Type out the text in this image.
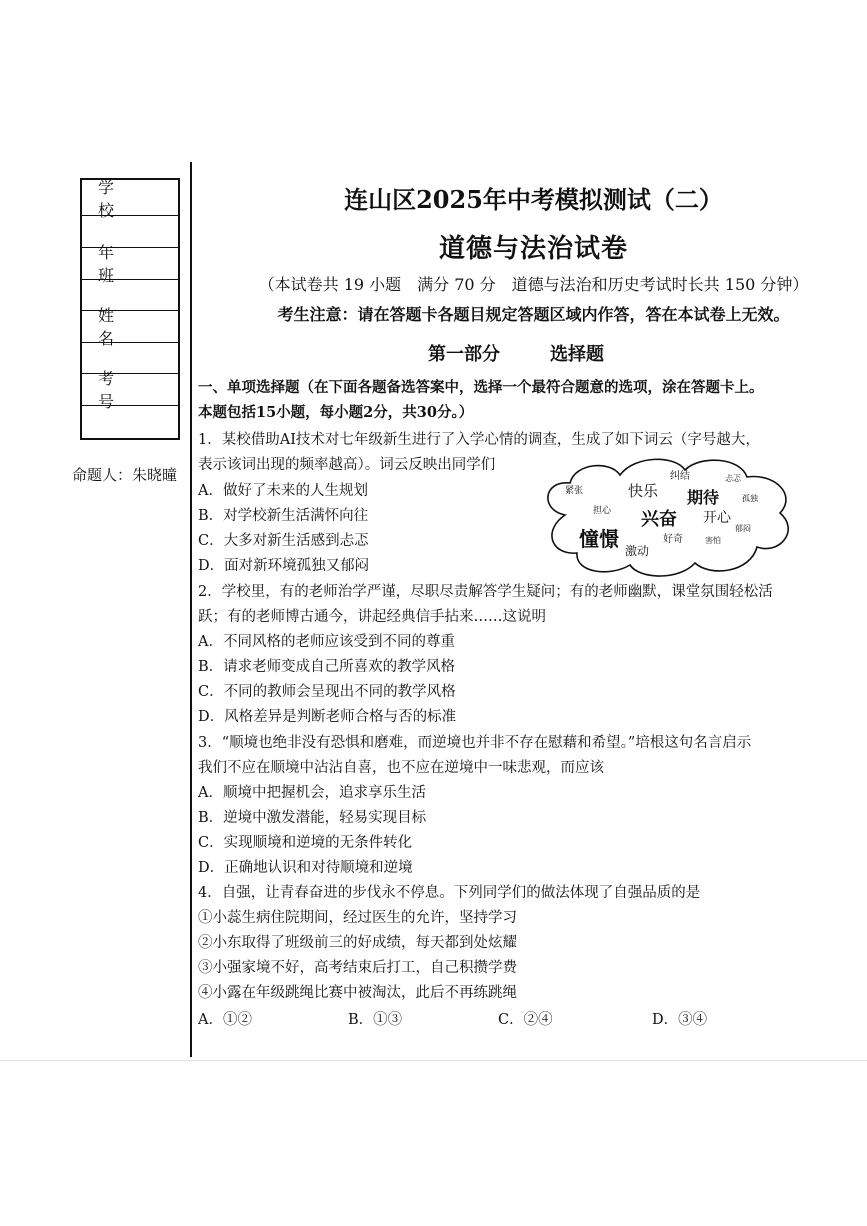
学 校
年 班
姓 名
考 号
命题人：朱晓曈
连山区2025年中考模拟测试（二）
道德与法治试卷
（本试卷共 19 小题　满分 70 分　道德与法治和历史考试时长共 150 分钟）
考生注意：请在答题卡各题目规定答题区域内作答，答在本试卷上无效。
第一部分	选择题
一、单项选择题（在下面各题备选答案中，选择一个最符合题意的选项，涂在答题卡上。
本题包括15小题，每小题2分，共30分。）
1．某校借助AI技术对七年级新生进行了入学心情的调查，生成了如下词云（字号越大，
表示该词出现的频率越高）。词云反映出同学们
A．做好了未来的人生规划
B．对学校新生活满怀向往
C．大多对新生活感到忐忑
D．面对新环境孤独又郁闷
紧张	快乐
纠结
期待
忐忑
孤独
担心 兴奋 开心
憧憬	好奇	害怕
激动
郁闷
2．学校里，有的老师治学严谨，尽职尽责解答学生疑问；有的老师幽默，课堂氛围轻松活
跃；有的老师博古通今，讲起经典信手拈来……这说明
A．不同风格的老师应该受到不同的尊重
B．请求老师变成自己所喜欢的教学风格
C．不同的教师会呈现出不同的教学风格
D．风格差异是判断老师合格与否的标准
3．“顺境也绝非没有恐惧和磨难，而逆境也并非不存在慰藉和希望。”培根这句名言启示
我们不应在顺境中沾沾自喜，也不应在逆境中一味悲观，而应该
A．顺境中把握机会，追求享乐生活
B．逆境中激发潜能，轻易实现目标
C．实现顺境和逆境的无条件转化
D．正确地认识和对待顺境和逆境
4．自强，让青春奋进的步伐永不停息。下列同学们的做法体现了自强品质的是
①小蕊生病住院期间，经过医生的允许，坚持学习
②小东取得了班级前三的好成绩，每天都到处炫耀
③小强家境不好，高考结束后打工，自己积攒学费
④小露在年级跳绳比赛中被淘汰，此后不再练跳绳
A．①②	B．①③	C．②④	D．③④
